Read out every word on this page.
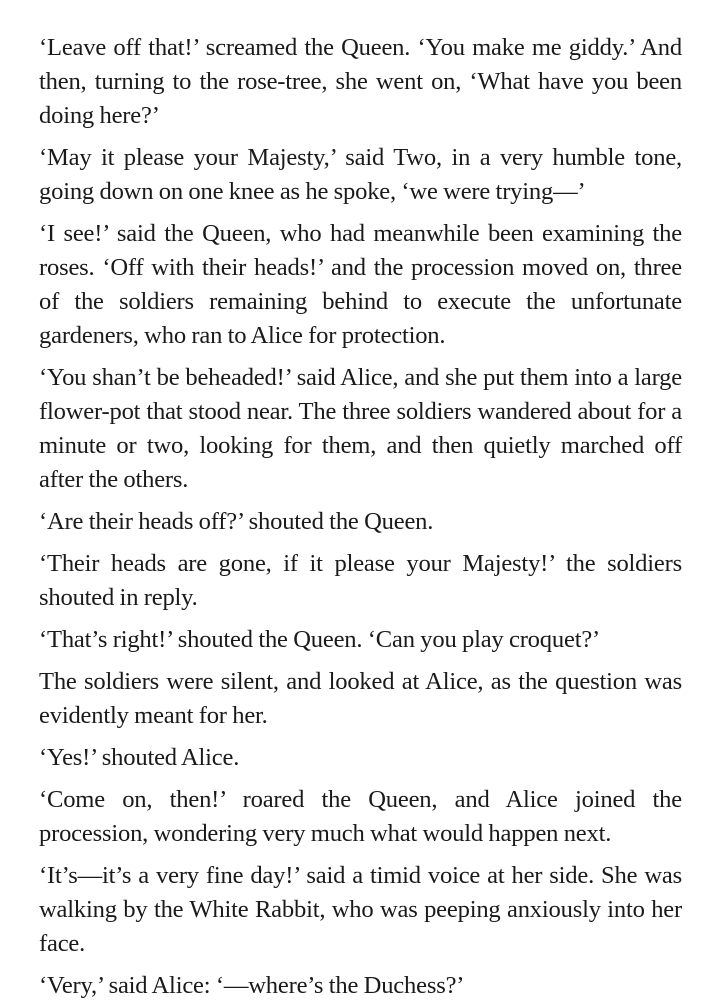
‘Leave off that!’ screamed the Queen. ‘You make me giddy.’ And then, turning to the rose-tree, she went on, ‘What have you been doing here?’

‘May it please your Majesty,’ said Two, in a very humble tone, going down on one knee as he spoke, ‘we were trying—’

‘I see!’ said the Queen, who had meanwhile been examining the roses. ‘Off with their heads!’ and the procession moved on, three of the soldiers remaining behind to execute the unfortunate gardeners, who ran to Alice for protection.

‘You shan’t be beheaded!’ said Alice, and she put them into a large flower-pot that stood near. The three soldiers wandered about for a minute or two, looking for them, and then quietly marched off after the others.

‘Are their heads off?’ shouted the Queen.

‘Their heads are gone, if it please your Majesty!’ the soldiers shouted in reply.

‘That’s right!’ shouted the Queen. ‘Can you play croquet?’

The soldiers were silent, and looked at Alice, as the question was evidently meant for her.

‘Yes!’ shouted Alice.

‘Come on, then!’ roared the Queen, and Alice joined the procession, wondering very much what would happen next.

‘It’s—it’s a very fine day!’ said a timid voice at her side. She was walking by the White Rabbit, who was peeping anxiously into her face.

‘Very,’ said Alice: ‘—where’s the Duchess?’
